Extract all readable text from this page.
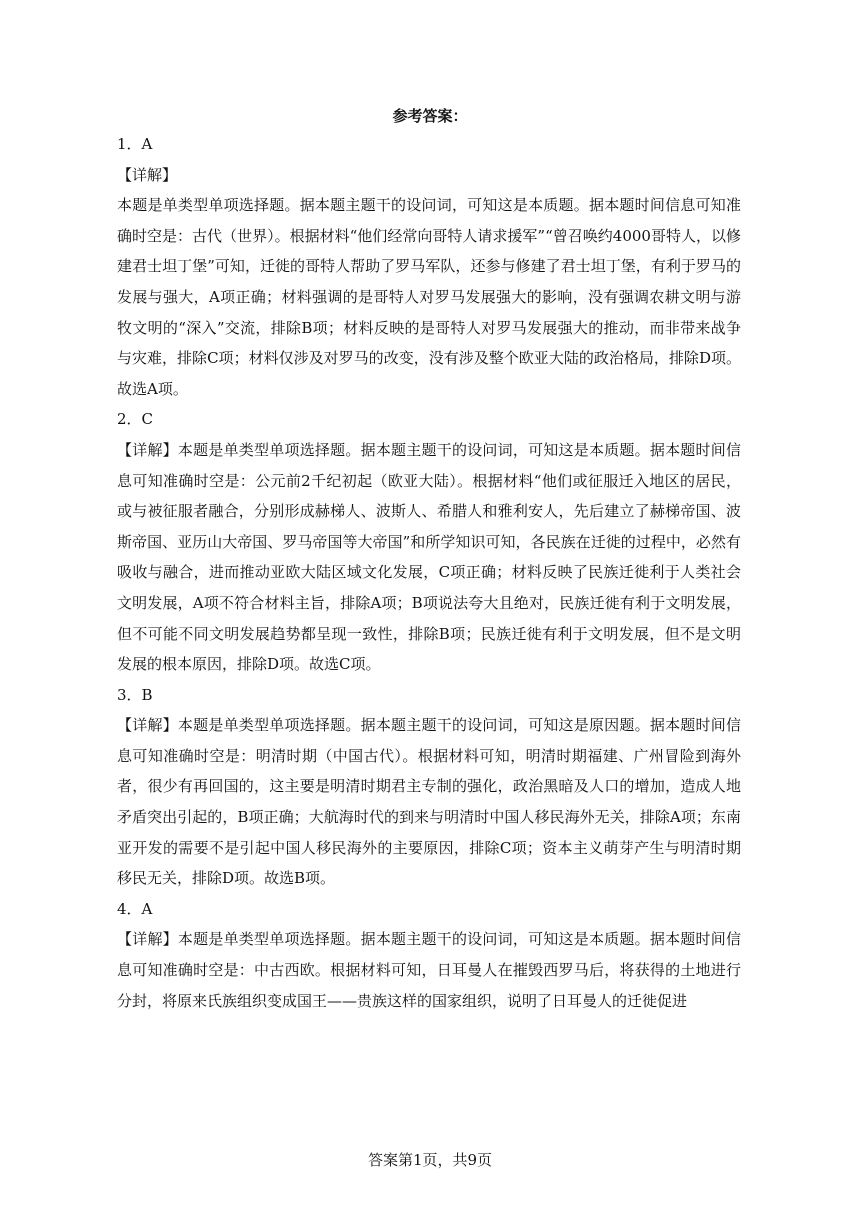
参考答案：

1．A

【详解】

本题是单类型单项选择题。据本题主题干的设问词，可知这是本质题。据本题时间信息可知准确时空是：古代（世界）。根据材料“他们经常向哥特人请求援军”“曾召唤约4000哥特人，以修建君士坦丁堡”可知，迁徙的哥特人帮助了罗马军队，还参与修建了君士坦丁堡，有利于罗马的发展与强大，A项正确；材料强调的是哥特人对罗马发展强大的影响，没有强调农耕文明与游牧文明的“深入”交流，排除B项；材料反映的是哥特人对罗马发展强大的推动，而非带来战争与灾难，排除C项；材料仅涉及对罗马的改变，没有涉及整个欧亚大陆的政治格局，排除D项。故选A项。

2．C

【详解】本题是单类型单项选择题。据本题主题干的设问词，可知这是本质题。据本题时间信息可知准确时空是：公元前2千纪初起（欧亚大陆）。根据材料“他们或征服迁入地区的居民，或与被征服者融合，分别形成赫梯人、波斯人、希腊人和雅利安人，先后建立了赫梯帝国、波斯帝国、亚历山大帝国、罗马帝国等大帝国”和所学知识可知，各民族在迁徙的过程中，必然有吸收与融合，进而推动亚欧大陆区域文化发展，C项正确；材料反映了民族迁徙利于人类社会文明发展，A项不符合材料主旨，排除A项；B项说法夸大且绝对，民族迁徙有利于文明发展，但不可能不同文明发展趋势都呈现一致性，排除B项；民族迁徙有利于文明发展，但不是文明发展的根本原因，排除D项。故选C项。

3．B

【详解】本题是单类型单项选择题。据本题主题干的设问词，可知这是原因题。据本题时间信息可知准确时空是：明清时期（中国古代）。根据材料可知，明清时期福建、广州冒险到海外者，很少有再回国的，这主要是明清时期君主专制的强化，政治黑暗及人口的增加，造成人地矛盾突出引起的，B项正确；大航海时代的到来与明清时中国人移民海外无关，排除A项；东南亚开发的需要不是引起中国人移民海外的主要原因，排除C项；资本主义萌芽产生与明清时期移民无关，排除D项。故选B项。

4．A

【详解】本题是单类型单项选择题。据本题主题干的设问词，可知这是本质题。据本题时间信息可知准确时空是：中古西欧。根据材料可知，日耳曼人在摧毁西罗马后，将获得的土地进行分封，将原来氏族组织变成国王——贵族这样的国家组织，说明了日耳曼人的迁徙促进

答案第1页，共9页
